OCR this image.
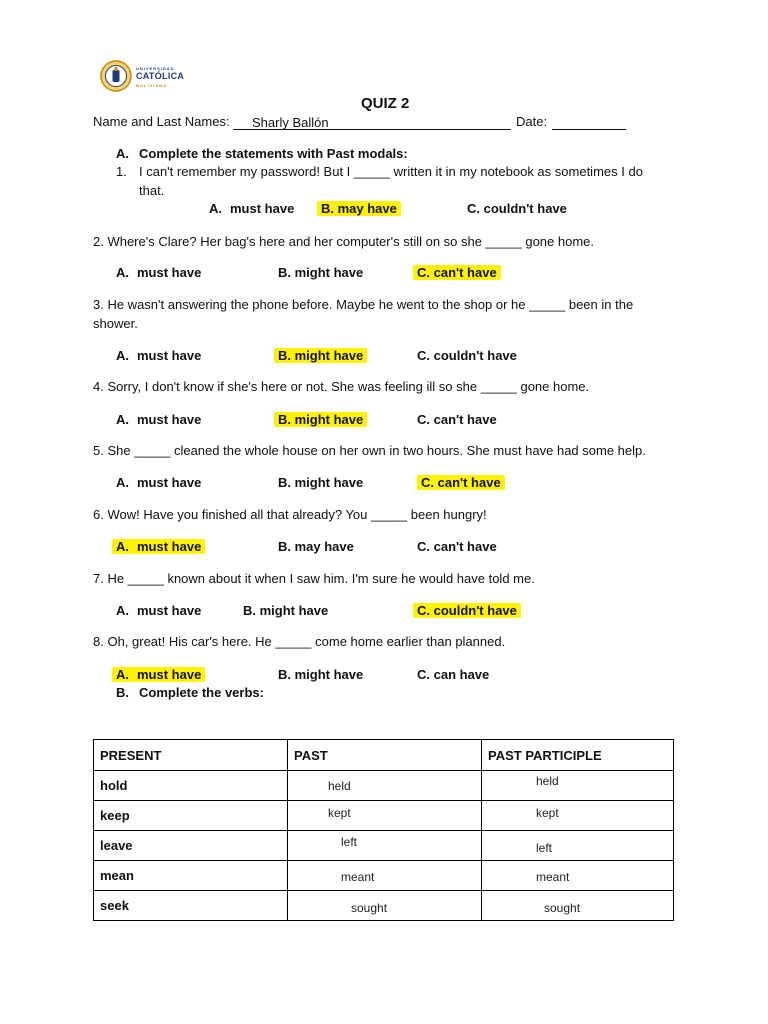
UNIVERSIDAD
CATÓLICA
BOLIVIANA
QUIZ 2
Name and Last Names: Sharly Ballón	Date:
A. Complete the statements with Past modals:
1. I can't remember my password! But I _____ written it in my notebook as sometimes I do
that.
A. must have	B. may have	C. couldn't have
2. Where's Clare? Her bag's here and her computer's still on so she _____ gone home.
A. must have	B. might have	C. can't have
3. He wasn't answering the phone before. Maybe he went to the shop or he _____ been in the
shower.
A. must have	B. might have	C. couldn't have
4. Sorry, I don't know if she's here or not. She was feeling ill so she _____ gone home.
A. must have	B. might have	C. can't have
5. She _____ cleaned the whole house on her own in two hours. She must have had some help.
A. must have	B. might have	C. can't have
6. Wow! Have you finished all that already? You _____ been hungry!
A. must have	B. may have	C. can't have
7. He _____ known about it when I saw him. I'm sure he would have told me.
A. must have	B. might have	C. couldn't have
8. Oh, great! His car's here. He _____ come home earlier than planned.
A. must have	B. might have	C. can have
B. Complete the verbs:
PRESENT	PAST	PAST PARTICIPLE
hold	held	held
keep	kept	kept
leave	left	left
mean	meant	meant
seek	sought	sought
